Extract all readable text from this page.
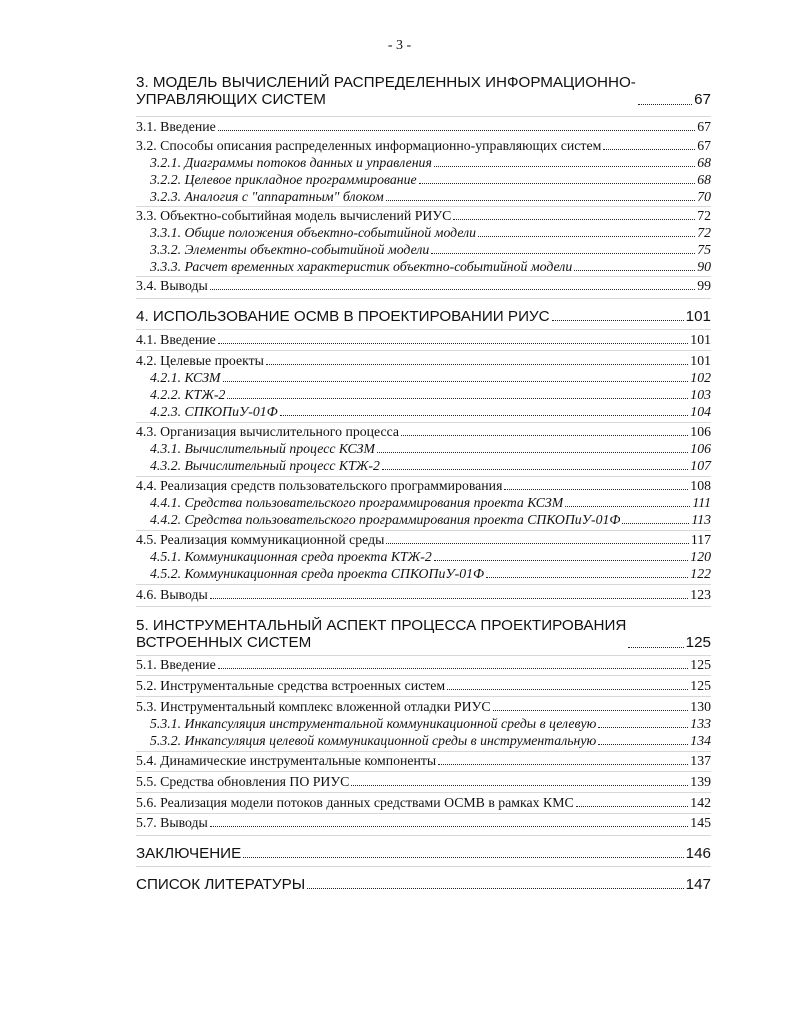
- 3 -
3. МОДЕЛЬ ВЫЧИСЛЕНИЙ РАСПРЕДЕЛЕННЫХ ИНФОРМАЦИОННО-
УПРАВЛЯЮЩИХ СИСТЕМ	67
3.1. Введение	67
3.2. Способы описания распределенных информационно-управляющих систем	67
3.2.1. Диаграммы потоков данных и управления	68
3.2.2. Целевое прикладное программирование	68
3.2.3. Аналогия с "аппаратным" блоком	70
3.3. Объектно-событийная модель вычислений РИУС	72
3.3.1. Общие положения объектно-событийной модели	72
3.3.2. Элементы объектно-событийной модели	75
3.3.3. Расчет временных характеристик объектно-событийной модели	90
3.4. Выводы	99
4. ИСПОЛЬЗОВАНИЕ ОСМВ В ПРОЕКТИРОВАНИИ РИУС	101
4.1. Введение	101
4.2. Целевые проекты	101
4.2.1. КСЗМ	102
4.2.2. КТЖ-2	103
4.2.3. СПКОПиУ-01Ф	104
4.3. Организация вычислительного процесса	106
4.3.1. Вычислительный процесс КСЗМ	106
4.3.2. Вычислительный процесс КТЖ-2	107
4.4. Реализация средств пользовательского программирования	108
4.4.1. Средства пользовательского программирования проекта КСЗМ	111
4.4.2. Средства пользовательского программирования проекта СПКОПиУ-01Ф	113
4.5. Реализация коммуникационной среды	117
4.5.1. Коммуникационная среда проекта КТЖ-2	120
4.5.2. Коммуникационная среда проекта СПКОПиУ-01Ф	122
4.6. Выводы	123
5. ИНСТРУМЕНТАЛЬНЫЙ АСПЕКТ ПРОЦЕССА ПРОЕКТИРОВАНИЯ
ВСТРОЕННЫХ СИСТЕМ	125
5.1. Введение	125
5.2. Инструментальные средства встроенных систем	125
5.3. Инструментальный комплекс вложенной отладки РИУС	130
5.3.1. Инкапсуляция инструментальной коммуникационной среды в целевую	133
5.3.2. Инкапсуляция целевой коммуникационной среды в инструментальную	134
5.4. Динамические инструментальные компоненты	137
5.5. Средства обновления ПО РИУС	139
5.6. Реализация модели потоков данных средствами ОСМВ в рамках КМС	142
5.7. Выводы	145
ЗАКЛЮЧЕНИЕ	146
СПИСОК ЛИТЕРАТУРЫ	147
